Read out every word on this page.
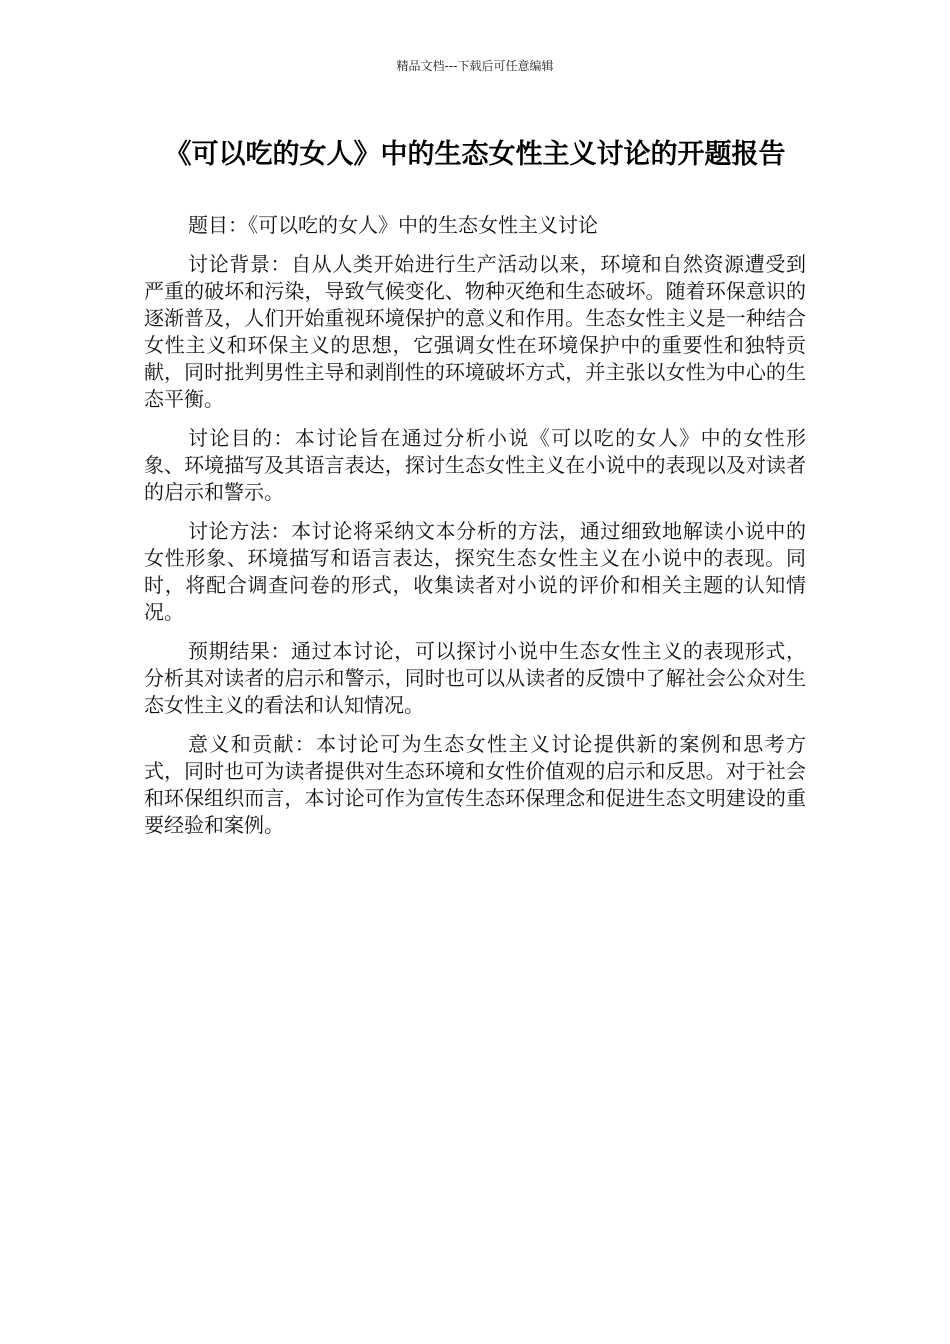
精品文档---下载后可任意编辑
《可以吃的女人》中的生态女性主义讨论的开题报告

题目：《可以吃的女人》中的生态女性主义讨论

讨论背景：自从人类开始进行生产活动以来，环境和自然资源遭受到严重的破坏和污染，导致气候变化、物种灭绝和生态破坏。随着环保意识的逐渐普及，人们开始重视环境保护的意义和作用。生态女性主义是一种结合女性主义和环保主义的思想，它强调女性在环境保护中的重要性和独特贡献，同时批判男性主导和剥削性的环境破坏方式，并主张以女性为中心的生态平衡。

讨论目的：本讨论旨在通过分析小说《可以吃的女人》中的女性形象、环境描写及其语言表达，探讨生态女性主义在小说中的表现以及对读者的启示和警示。

讨论方法：本讨论将采纳文本分析的方法，通过细致地解读小说中的女性形象、环境描写和语言表达，探究生态女性主义在小说中的表现。同时，将配合调查问卷的形式，收集读者对小说的评价和相关主题的认知情况。

预期结果：通过本讨论，可以探讨小说中生态女性主义的表现形式，分析其对读者的启示和警示，同时也可以从读者的反馈中了解社会公众对生态女性主义的看法和认知情况。

意义和贡献：本讨论可为生态女性主义讨论提供新的案例和思考方式，同时也可为读者提供对生态环境和女性价值观的启示和反思。对于社会和环保组织而言，本讨论可作为宣传生态环保理念和促进生态文明建设的重要经验和案例。
